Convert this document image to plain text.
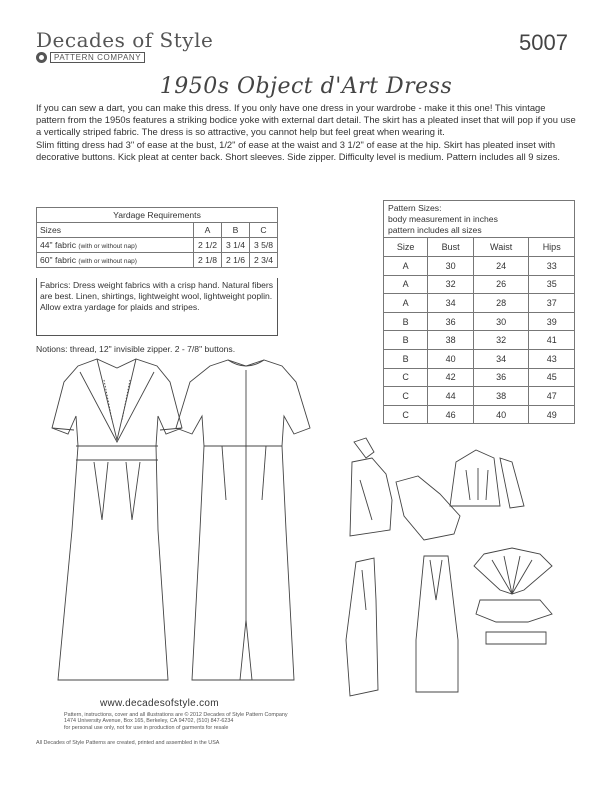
Decades of Style
PATTERN COMPANY
5007
1950s Object d'Art Dress

If you can sew a dart, you can make this dress. If you only have one dress in your wardrobe - make it this one! This vintage pattern from the 1950s features a striking bodice yoke with external dart detail. The skirt has a pleated inset that will pop if you use a vertically striped fabric. The dress is so attractive, you cannot help but feel great when wearing it.

Slim fitting dress had 3" of ease at the bust, 1/2" of ease at the waist and 3 1/2" of ease at the hip. Skirt has pleated inset with decorative buttons. Kick pleat at center back. Short sleeves. Side zipper. Difficulty level is medium. Pattern includes all 9 sizes.

Yardage Requirements			
Sizes	A	B	C
44" fabric (with or without nap)	2 1/2	3 1/4	3 5/8
60" fabric (with or without nap)	2 1/8	2 1/6	2 3/4
Fabrics: Dress weight fabrics with a crisp hand. Natural fibers are best. Linen, shirtings, lightweight wool, lightweight poplin. Allow extra yardage for plaids and stripes.
Notions: thread, 12" invisible zipper. 2 - 7/8" buttons.
Pattern Sizes:
body measurement in inches
pattern includes all sizes			

Size	Bust	Waist	Hips
A	30	24	33
A	32	26	35
A	34	28	37
B	36	30	39
B	38	32	41
B	40	34	43
C	42	36	45
C	44	38	47
C	46	40	49
www.decadesofstyle.com
Pattern, instructions, cover and all illustrations are © 2012 Decades of Style Pattern Company
1474 University Avenue, Box 165, Berkeley, CA 94702, (510) 847-6234
for personal use only, not for use in production of garments for resale
All Decades of Style Patterns are created, printed and assembled in the USA
